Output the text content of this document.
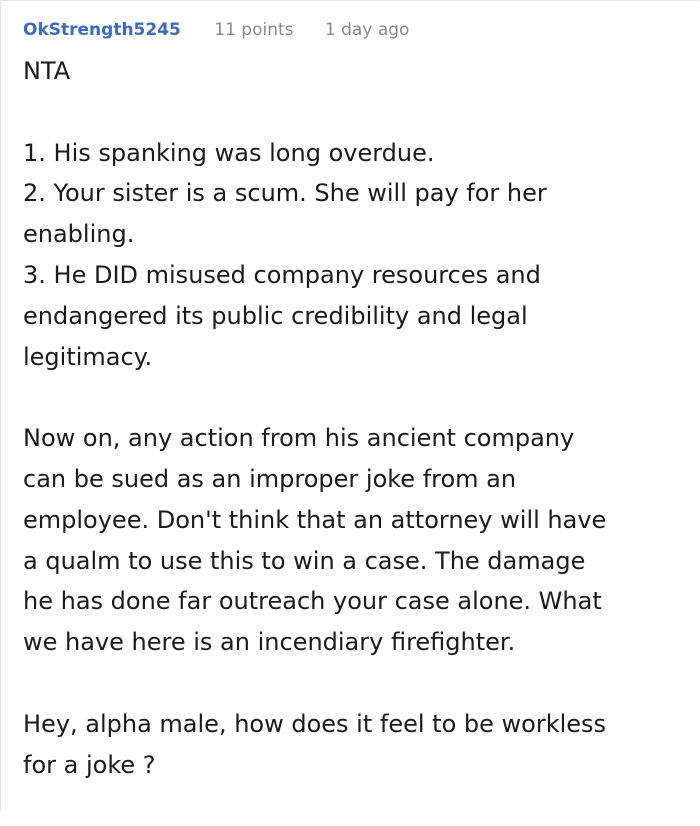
OkStrength5245 11 points 1 day ago

NTA

1. His spanking was long overdue.
2. Your sister is a scum. She will pay for her
enabling.
3. He DID misused company resources and
endangered its public credibility and legal
legitimacy.

Now on, any action from his ancient company
can be sued as an improper joke from an
employee. Don't think that an attorney will have
a qualm to use this to win a case. The damage
he has done far outreach your case alone. What
we have here is an incendiary firefighter.

Hey, alpha male, how does it feel to be workless
for a joke ?
